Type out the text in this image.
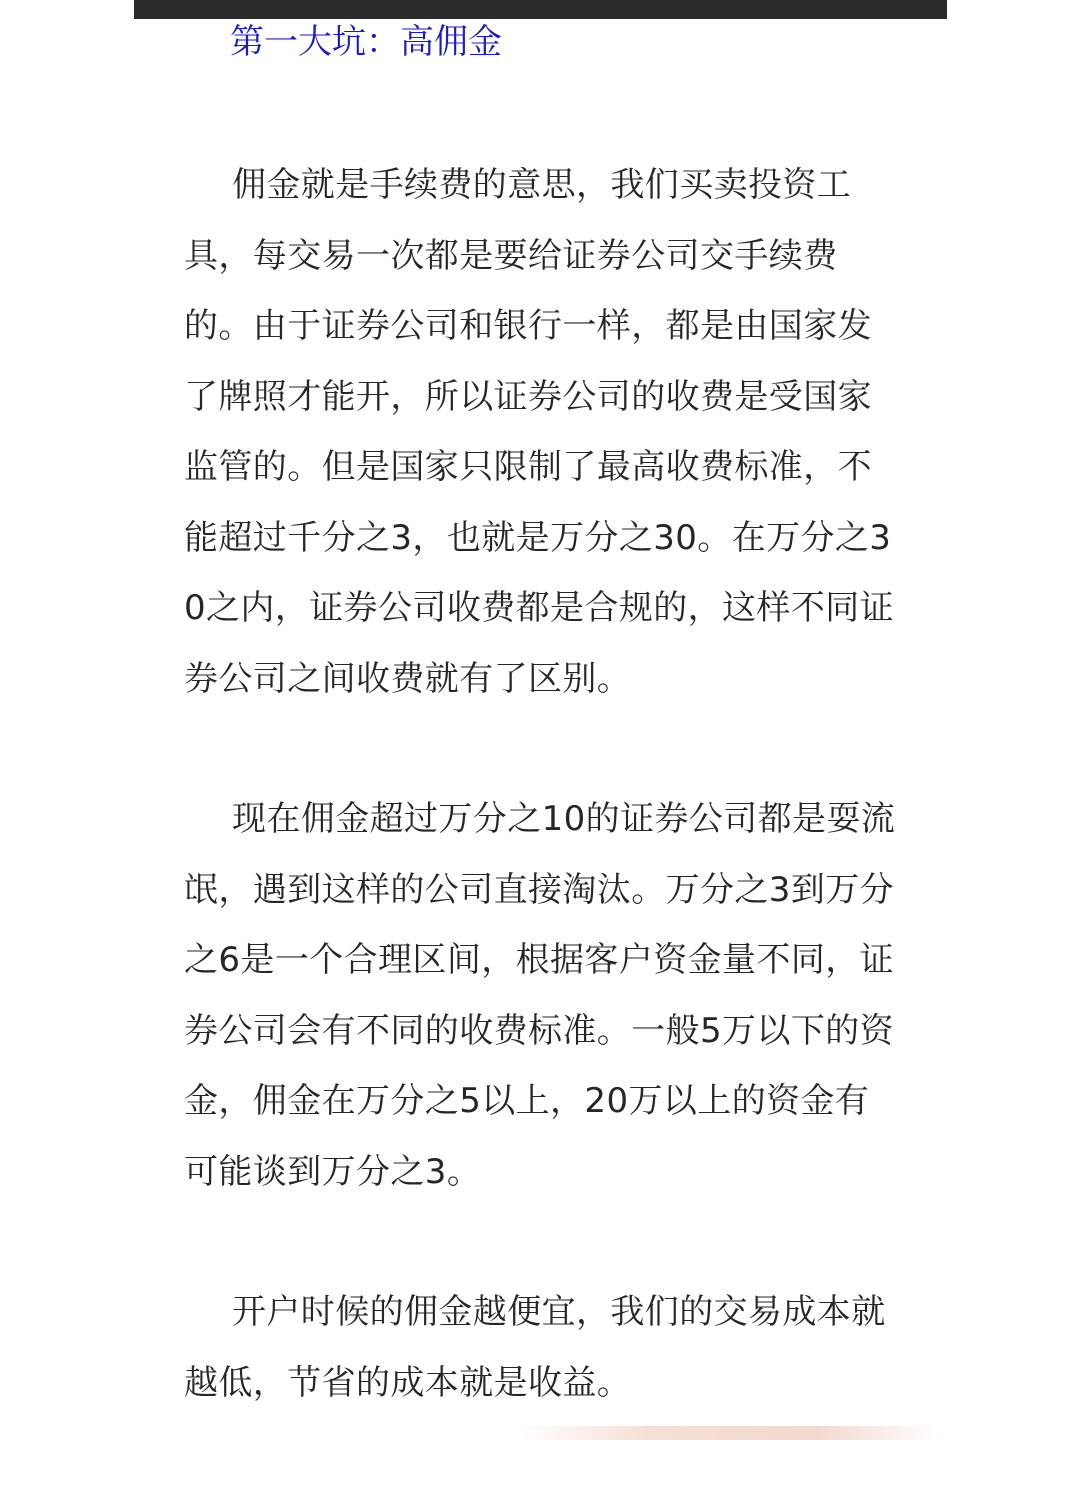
第一大坑：高佣金

佣金就是手续费的意思，我们买卖投资工具，每交易一次都是要给证券公司交手续费的。由于证券公司和银行一样，都是由国家发了牌照才能开，所以证券公司的收费是受国家监管的。但是国家只限制了最高收费标准，不能超过千分之3，也就是万分之30。在万分之30之内，证券公司收费都是合规的，这样不同证券公司之间收费就有了区别。

现在佣金超过万分之10的证券公司都是耍流氓，遇到这样的公司直接淘汰。万分之3到万分之6是一个合理区间，根据客户资金量不同，证券公司会有不同的收费标准。一般5万以下的资金，佣金在万分之5以上，20万以上的资金有可能谈到万分之3。

开户时候的佣金越便宜，我们的交易成本就越低，节省的成本就是收益。
